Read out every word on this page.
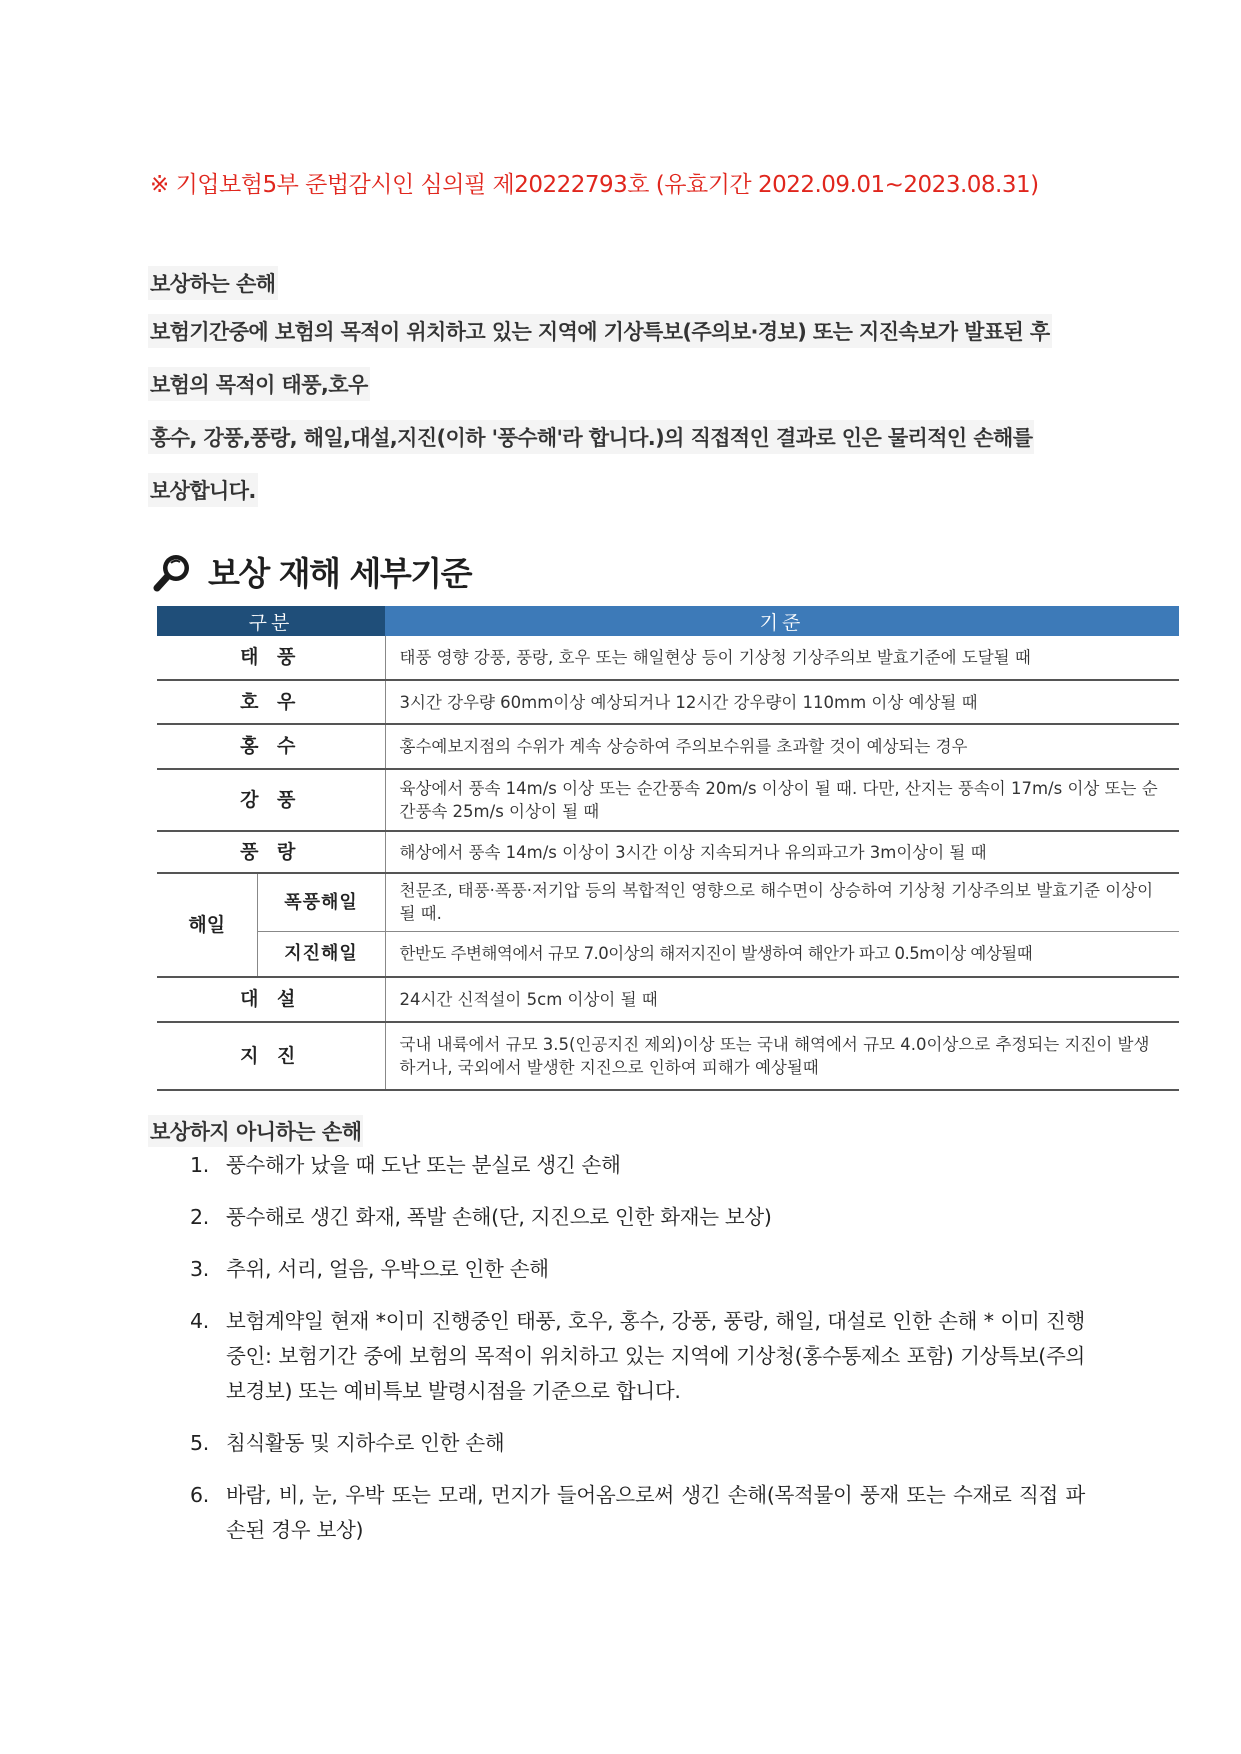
※ 기업보험5부 준법감시인 심의필 제20222793호 (유효기간 2022.09.01~2023.08.31)
보상하는 손해
보험기간중에 보험의 목적이 위치하고 있는 지역에 기상특보(주의보·경보) 또는 지진속보가 발표된 후
보험의 목적이 태풍,호우
홍수, 강풍,풍랑, 해일,대설,지진(이하 '풍수해'라 합니다.)의 직접적인 결과로 인은 물리적인 손해를
보상합니다.
보상 재해 세부기준
구분		기준
태 풍		태풍 영향 강풍, 풍랑, 호우 또는 해일현상 등이 기상청 기상주의보 발효기준에 도달될 때
호 우		3시간 강우량 60mm이상 예상되거나 12시간 강우량이 110mm 이상 예상될 때
홍 수		홍수예보지점의 수위가 계속 상승하여 주의보수위를 초과할 것이 예상되는 경우
강 풍		육상에서 풍속 14m/s 이상 또는 순간풍속 20m/s 이상이 될 때. 다만, 산지는 풍속이 17m/s 이상 또는 순간풍속 25m/s 이상이 될 때
풍 랑		해상에서 풍속 14m/s 이상이 3시간 이상 지속되거나 유의파고가 3m이상이 될 때
해일	폭풍해일	천문조, 태풍·폭풍·저기압 등의 복합적인 영향으로 해수면이 상승하여 기상청 기상주의보 발효기준 이상이 될 때.
	지진해일	한반도 주변해역에서 규모 7.0이상의 해저지진이 발생하여 해안가 파고 0.5m이상 예상될때
대 설		24시간 신적설이 5cm 이상이 될 때
지 진		국내 내륙에서 규모 3.5(인공지진 제외)이상 또는 국내 해역에서 규모 4.0이상으로 추정되는 지진이 발생하거나, 국외에서 발생한 지진으로 인하여 피해가 예상될때
보상하지 아니하는 손해
1. 풍수해가 났을 때 도난 또는 분실로 생긴 손해
2. 풍수해로 생긴 화재, 폭발 손해(단, 지진으로 인한 화재는 보상)
3. 추위, 서리, 얼음, 우박으로 인한 손해
4. 보험계약일 현재 *이미 진행중인 태풍, 호우, 홍수, 강풍, 풍랑, 해일, 대설로 인한 손해 * 이미 진행중인: 보험기간 중에 보험의 목적이 위치하고 있는 지역에 기상청(홍수통제소 포함) 기상특보(주의보경보) 또는 예비특보 발령시점을 기준으로 합니다.
5. 침식활동 및 지하수로 인한 손해
6. 바람, 비, 눈, 우박 또는 모래, 먼지가 들어옴으로써 생긴 손해(목적물이 풍재 또는 수재로 직접 파손된 경우 보상)
